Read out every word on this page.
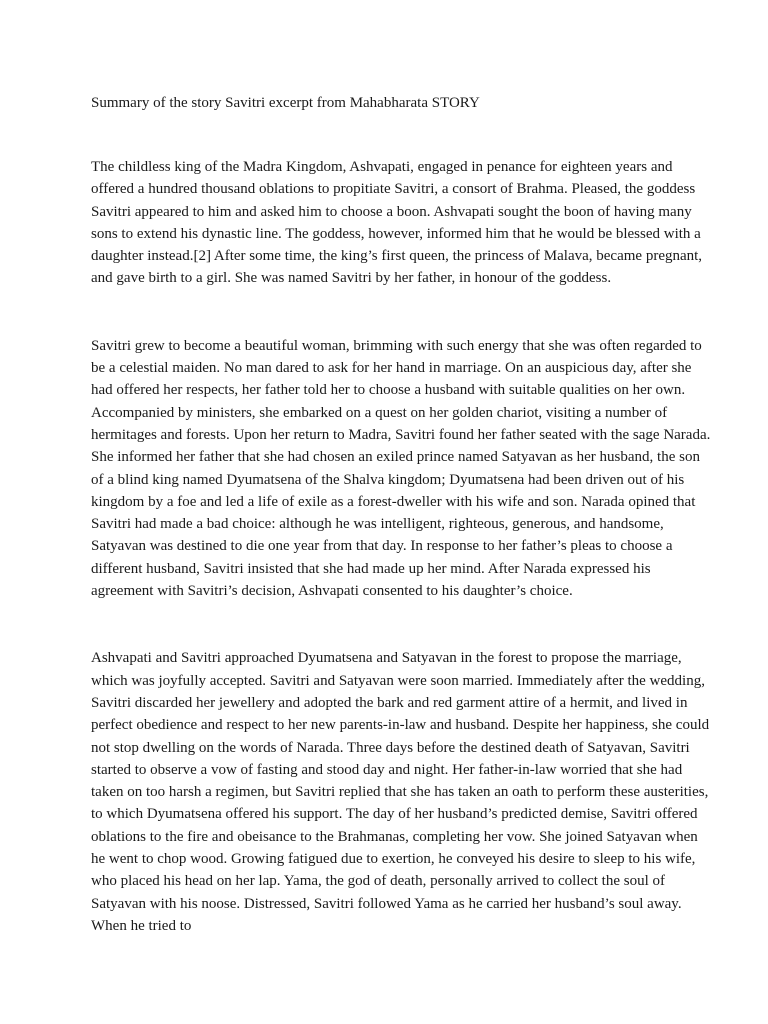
Summary of the story Savitri excerpt from Mahabharata STORY

The childless king of the Madra Kingdom, Ashvapati, engaged in penance for eighteen years and offered a hundred thousand oblations to propitiate Savitri, a consort of Brahma. Pleased, the goddess Savitri appeared to him and asked him to choose a boon. Ashvapati sought the boon of having many sons to extend his dynastic line. The goddess, however, informed him that he would be blessed with a daughter instead.[2] After some time, the king’s first queen, the princess of Malava, became pregnant, and gave birth to a girl. She was named Savitri by her father, in honour of the goddess.

Savitri grew to become a beautiful woman, brimming with such energy that she was often regarded to be a celestial maiden. No man dared to ask for her hand in marriage. On an auspicious day, after she had offered her respects, her father told her to choose a husband with suitable qualities on her own. Accompanied by ministers, she embarked on a quest on her golden chariot, visiting a number of hermitages and forests. Upon her return to Madra, Savitri found her father seated with the sage Narada. She informed her father that she had chosen an exiled prince named Satyavan as her husband, the son of a blind king named Dyumatsena of the Shalva kingdom; Dyumatsena had been driven out of his kingdom by a foe and led a life of exile as a forest-dweller with his wife and son. Narada opined that Savitri had made a bad choice: although he was intelligent, righteous, generous, and handsome, Satyavan was destined to die one year from that day. In response to her father’s pleas to choose a different husband, Savitri insisted that she had made up her mind. After Narada expressed his agreement with Savitri’s decision, Ashvapati consented to his daughter’s choice.

Ashvapati and Savitri approached Dyumatsena and Satyavan in the forest to propose the marriage, which was joyfully accepted. Savitri and Satyavan were soon married. Immediately after the wedding, Savitri discarded her jewellery and adopted the bark and red garment attire of a hermit, and lived in perfect obedience and respect to her new parents-in-law and husband. Despite her happiness, she could not stop dwelling on the words of Narada. Three days before the destined death of Satyavan, Savitri started to observe a vow of fasting and stood day and night. Her father-in-law worried that she had taken on too harsh a regimen, but Savitri replied that she has taken an oath to perform these austerities, to which Dyumatsena offered his support. The day of her husband’s predicted demise, Savitri offered oblations to the fire and obeisance to the Brahmanas, completing her vow. She joined Satyavan when he went to chop wood. Growing fatigued due to exertion, he conveyed his desire to sleep to his wife, who placed his head on her lap. Yama, the god of death, personally arrived to collect the soul of Satyavan with his noose. Distressed, Savitri followed Yama as he carried her husband’s soul away. When he tried to
